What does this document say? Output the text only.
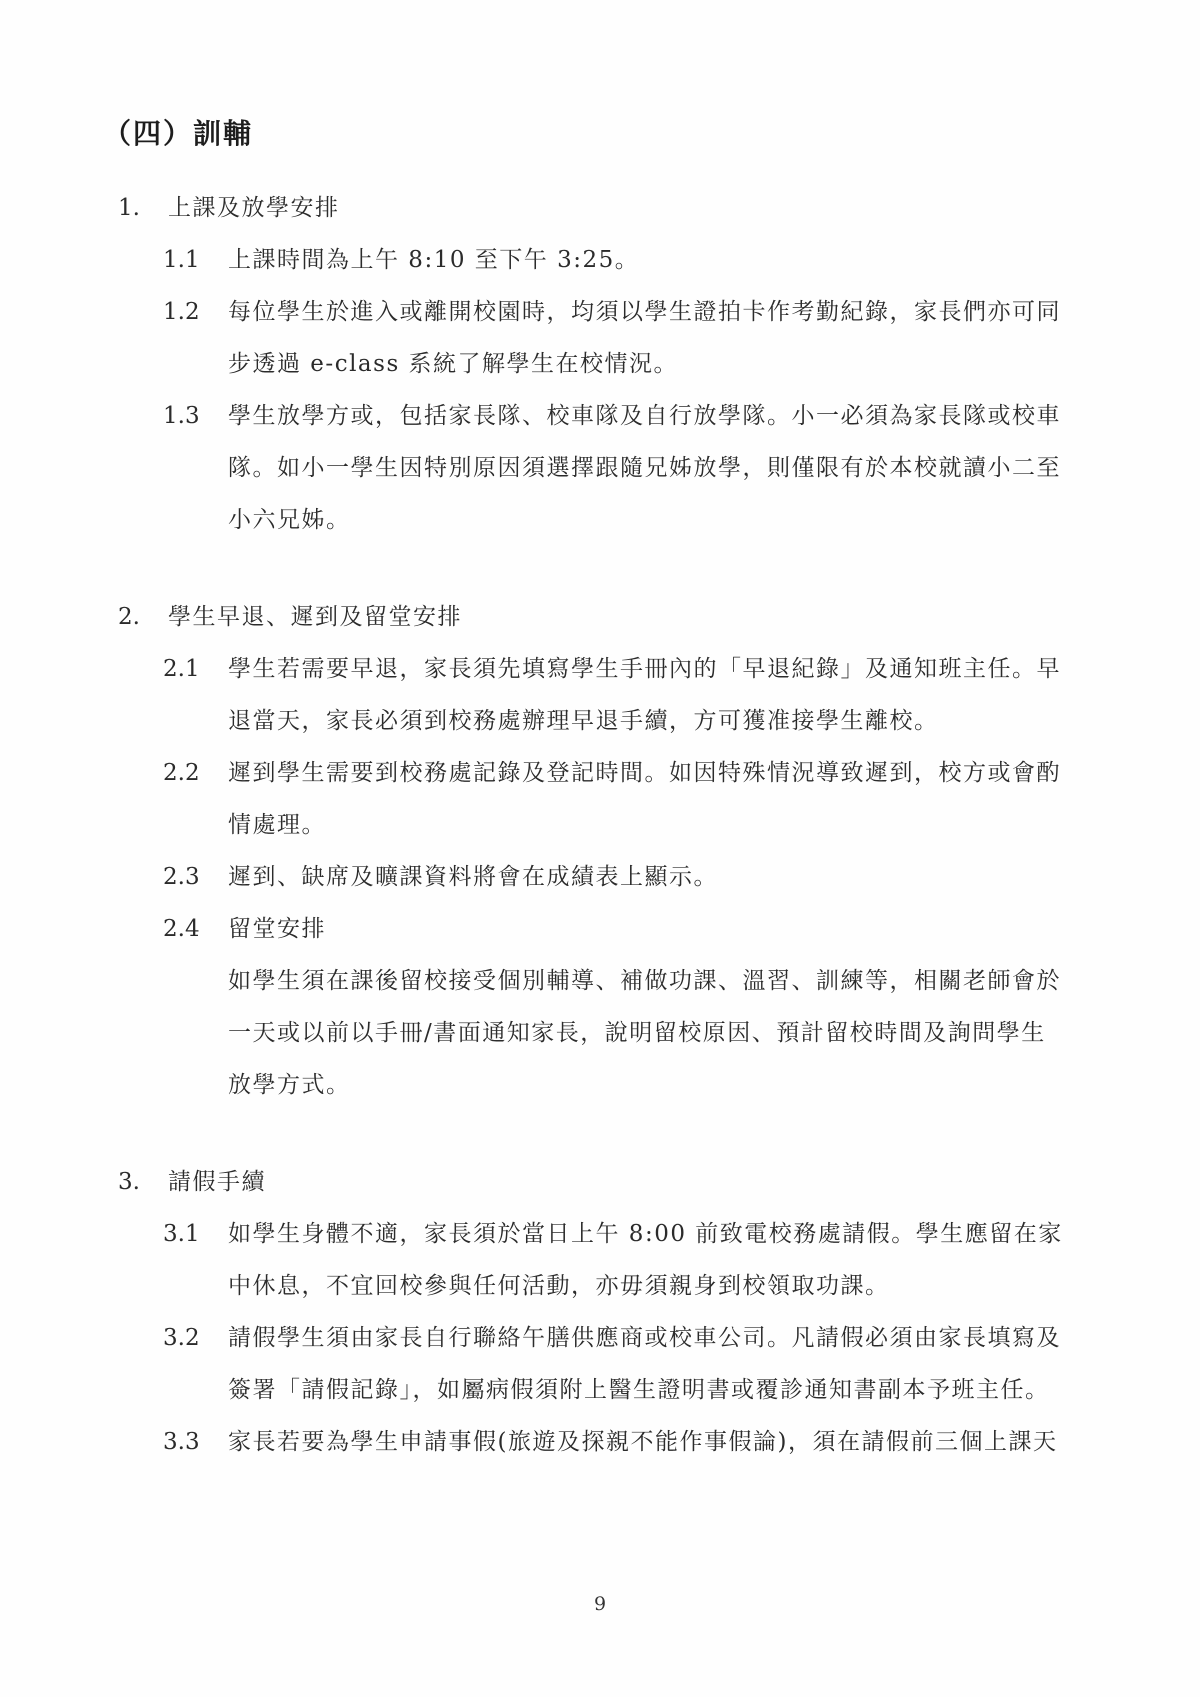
（四）訓輔
1.	上課及放學安排
1.1	上課時間為上午 8:10 至下午 3:25。
1.2	每位學生於進入或離開校園時，均須以學生證拍卡作考勤紀錄，家長們亦可同
步透過 e-class 系統了解學生在校情況。
1.3	學生放學方或，包括家長隊、校車隊及自行放學隊。小一必須為家長隊或校車
隊。如小一學生因特別原因須選擇跟隨兄姊放學，則僅限有於本校就讀小二至
小六兄姊。
2.	學生早退、遲到及留堂安排
2.1	學生若需要早退，家長須先填寫學生手冊內的「早退紀錄」及通知班主任。早
退當天，家長必須到校務處辦理早退手續，方可獲准接學生離校。
2.2	遲到學生需要到校務處記錄及登記時間。如因特殊情況導致遲到，校方或會酌
情處理。
2.3	遲到、缺席及曠課資料將會在成績表上顯示。
2.4	留堂安排
如學生須在課後留校接受個別輔導、補做功課、溫習、訓練等，相關老師會於
一天或以前以手冊/書面通知家長，說明留校原因、預計留校時間及詢問學生
放學方式。
3.	請假手續
3.1	如學生身體不適，家長須於當日上午 8:00 前致電校務處請假。學生應留在家
中休息，不宜回校參與任何活動，亦毋須親身到校領取功課。
3.2	請假學生須由家長自行聯絡午膳供應商或校車公司。凡請假必須由家長填寫及
簽署「請假記錄」，如屬病假須附上醫生證明書或覆診通知書副本予班主任。
3.3	家長若要為學生申請事假(旅遊及探親不能作事假論)，須在請假前三個上課天
9
